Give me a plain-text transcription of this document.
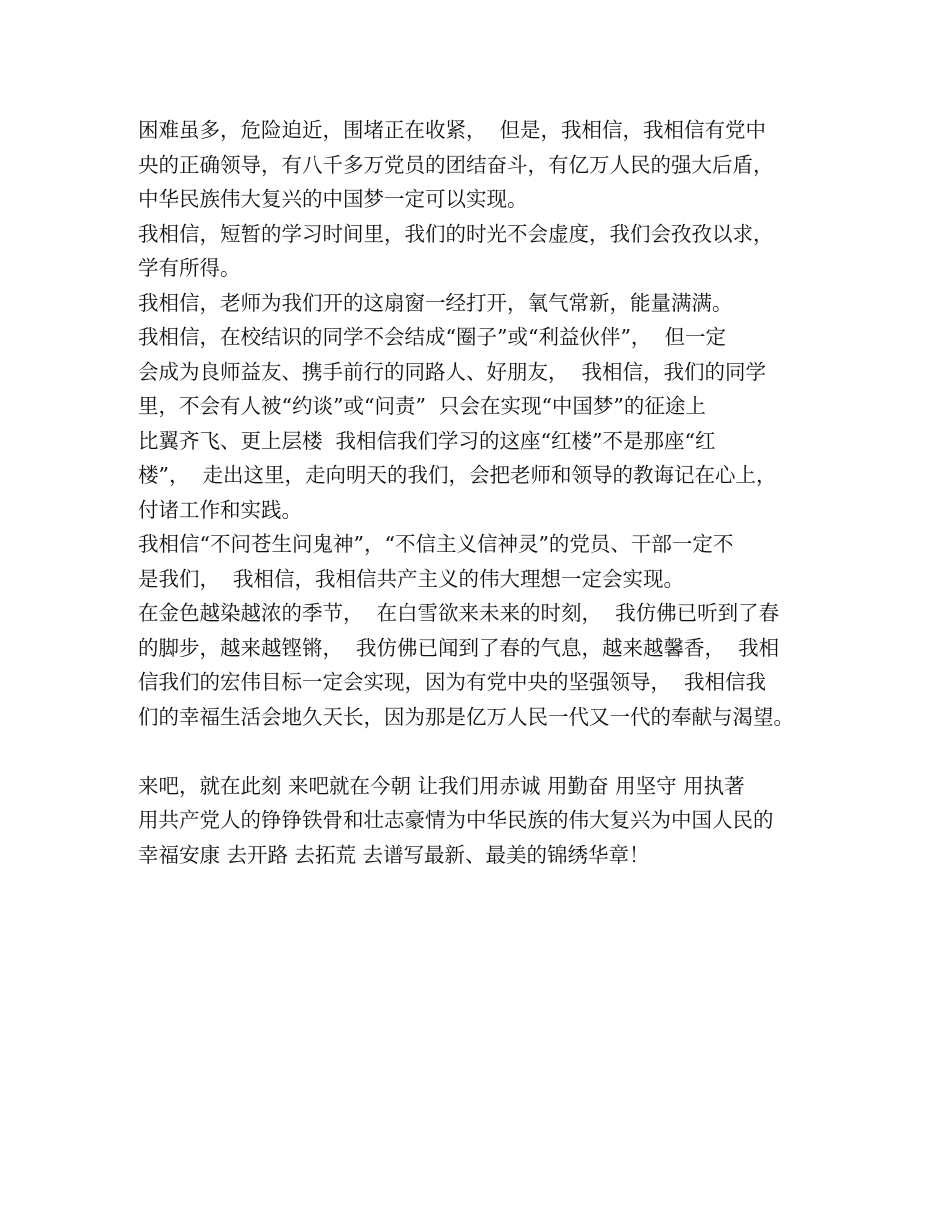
困难虽多，危险迫近，围堵正在收紧，  但是，我相信，我相信有党中
央的正确领导，有八千多万党员的团结奋斗，有亿万人民的强大后盾，
中华民族伟大复兴的中国梦一定可以实现。
我相信，短暂的学习时间里，我们的时光不会虚度，我们会孜孜以求，
学有所得。
我相信，老师为我们开的这扇窗一经打开，氧气常新，能量满满。
我相信，在校结识的同学不会结成“圈子”或“利益伙伴”，  但一定
会成为良师益友、携手前行的同路人、好朋友，  我相信，我们的同学
里，不会有人被“约谈”或“问责”  只会在实现“中国梦”的征途上
比翼齐飞、更上层楼  我相信我们学习的这座“红楼”不是那座“红
楼”，  走出这里，走向明天的我们，会把老师和领导的教诲记在心上，
付诸工作和实践。
我相信“不问苍生问鬼神”，“不信主义信神灵”的党员、干部一定不
是我们，  我相信，我相信共产主义的伟大理想一定会实现。
在金色越染越浓的季节，  在白雪欲来未来的时刻，  我仿佛已听到了春
的脚步，越来越铿锵，  我仿佛已闻到了春的气息，越来越馨香，  我相
信我们的宏伟目标一定会实现，因为有党中央的坚强领导，  我相信我
们的幸福生活会地久天长，因为那是亿万人民一代又一代的奉献与渴望。
来吧，就在此刻 来吧就在今朝 让我们用赤诚 用勤奋 用坚守 用执著
用共产党人的铮铮铁骨和壮志豪情为中华民族的伟大复兴为中国人民的
幸福安康 去开路 去拓荒 去谱写最新、最美的锦绣华章！
